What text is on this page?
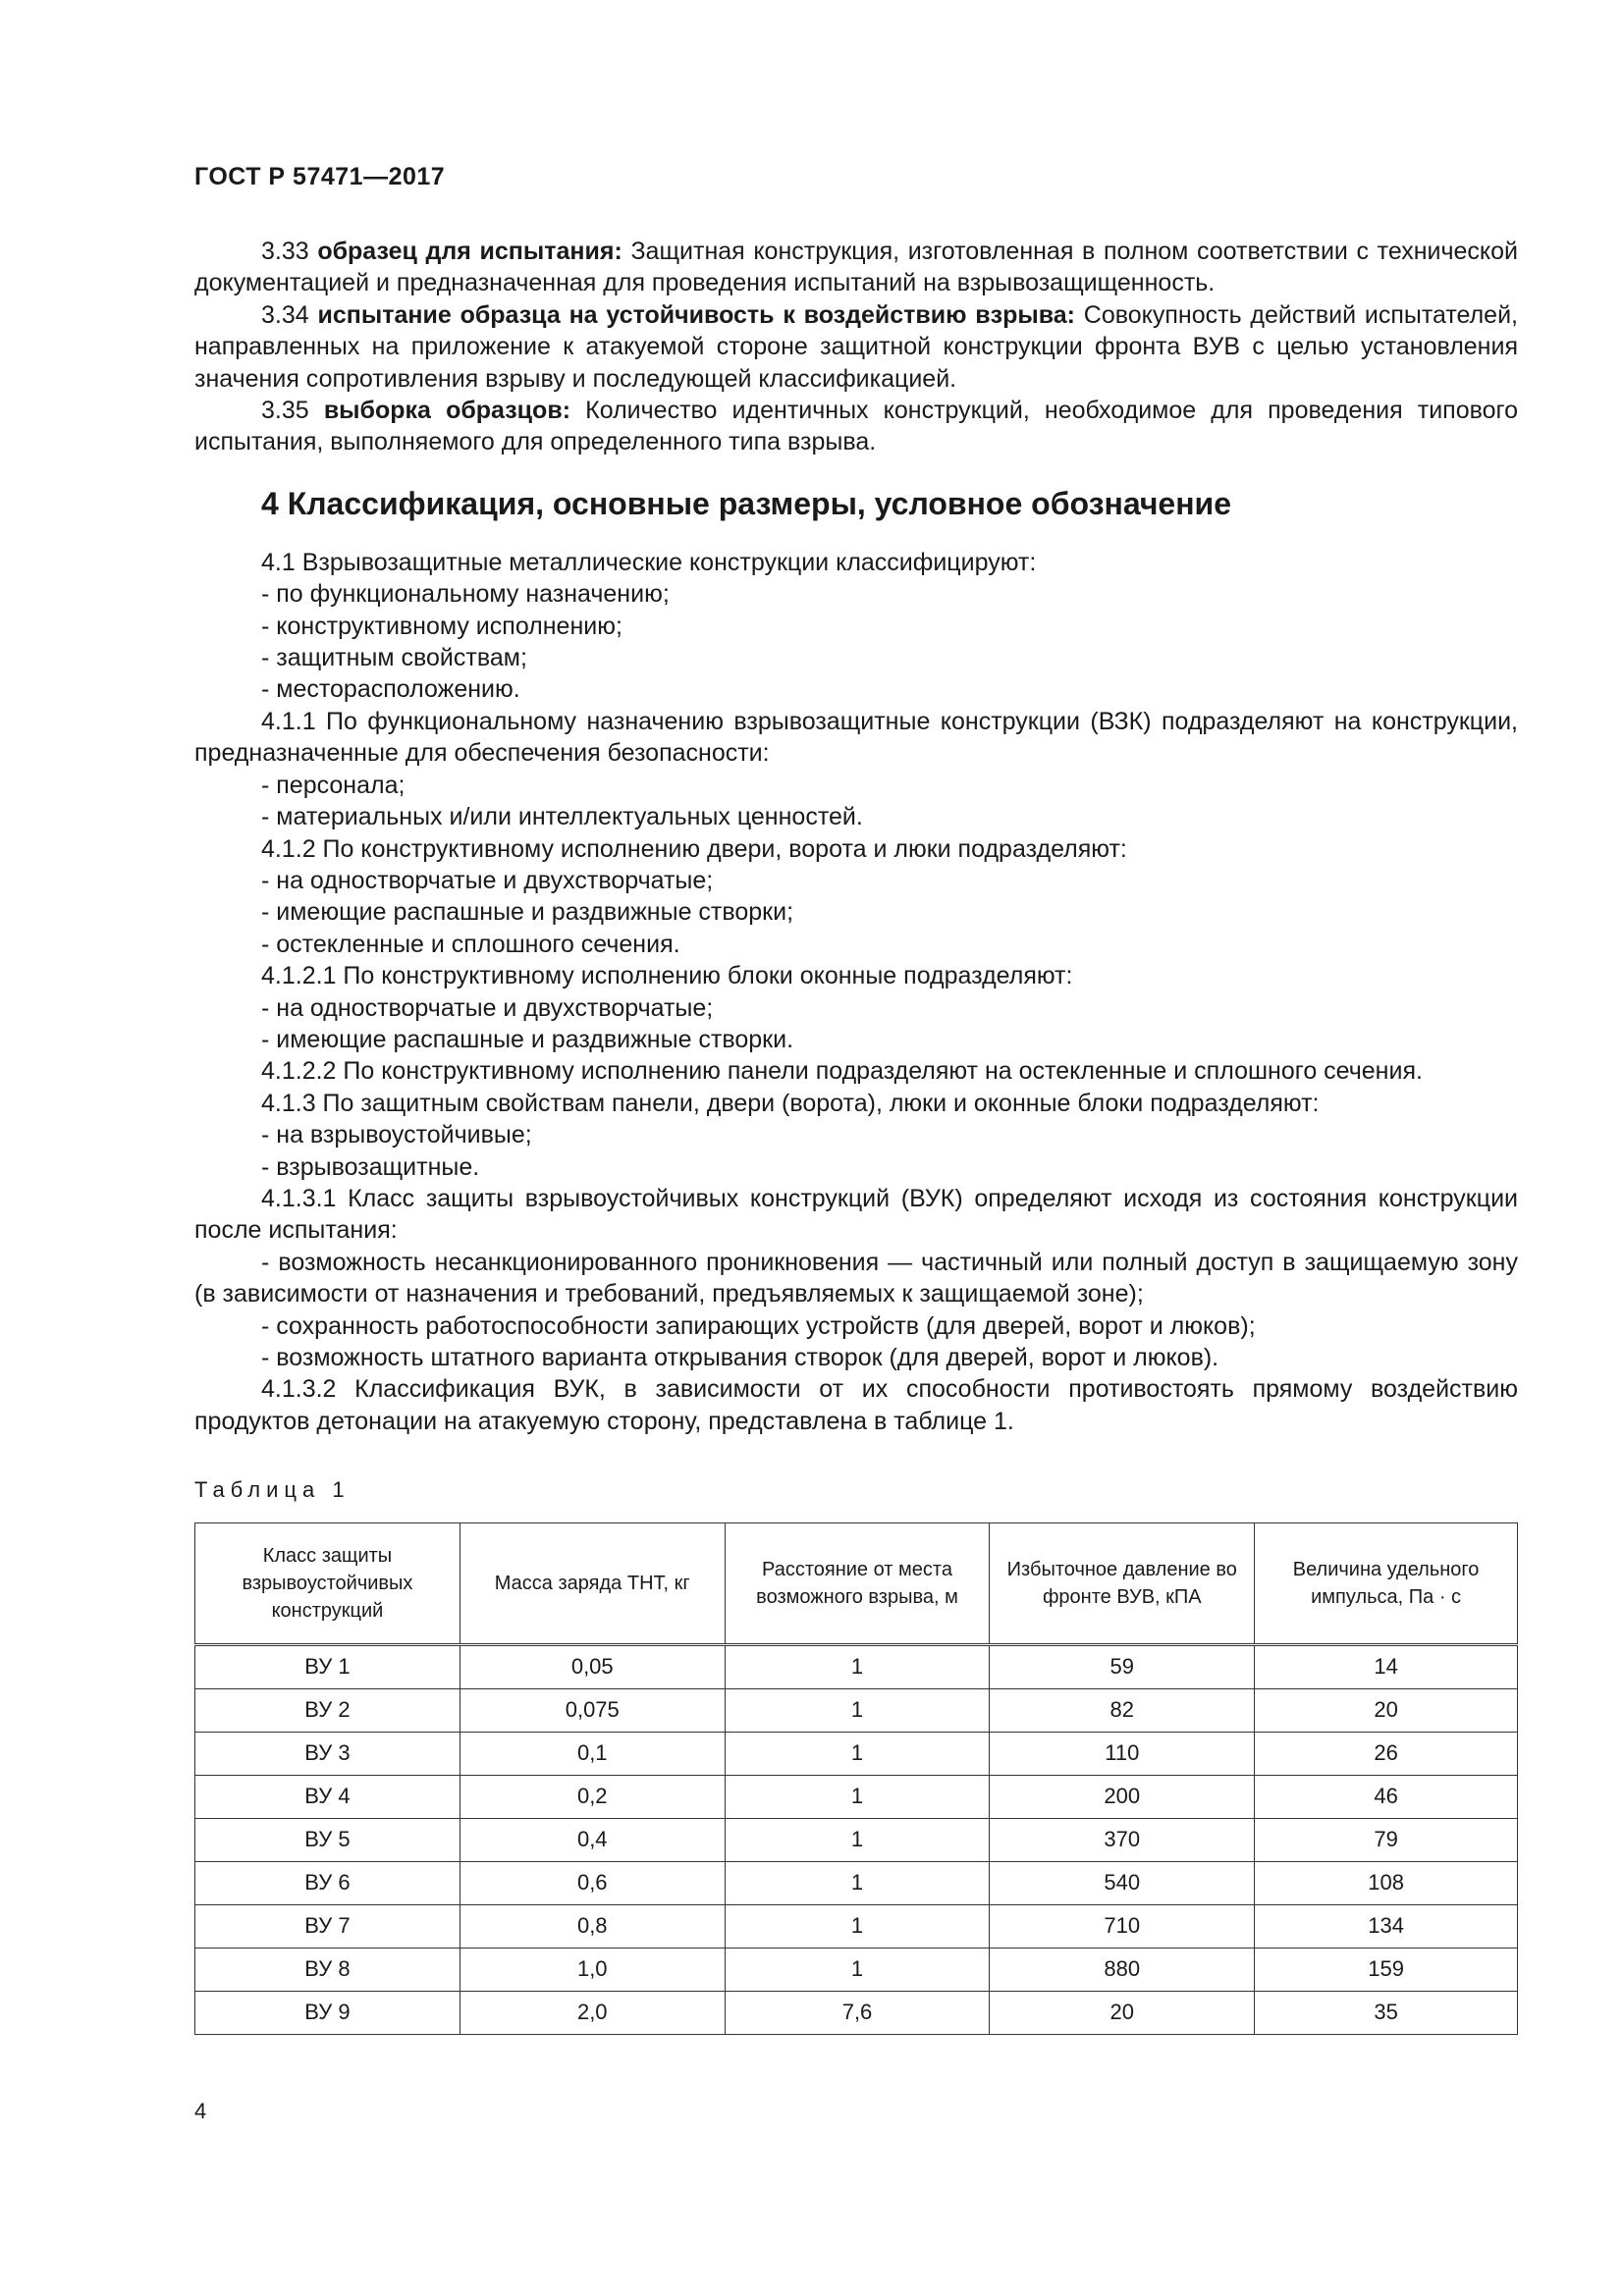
ГОСТ Р 57471—2017

3.33 образец для испытания: Защитная конструкция, изготовленная в полном соответствии с технической документацией и предназначенная для проведения испытаний на взрывозащищенность.

3.34 испытание образца на устойчивость к воздействию взрыва: Совокупность действий испытателей, направленных на приложение к атакуемой стороне защитной конструкции фронта ВУВ с целью установления значения сопротивления взрыву и последующей классификацией.

3.35 выборка образцов: Количество идентичных конструкций, необходимое для проведения типового испытания, выполняемого для определенного типа взрыва.

4 Классификация, основные размеры, условное обозначение

4.1 Взрывозащитные металлические конструкции классифицируют:

- по функциональному назначению;

- конструктивному исполнению;

- защитным свойствам;

- месторасположению.

4.1.1 По функциональному назначению взрывозащитные конструкции (ВЗК) подразделяют на конструкции, предназначенные для обеспечения безопасности:

- персонала;

- материальных и/или интеллектуальных ценностей.

4.1.2 По конструктивному исполнению двери, ворота и люки подразделяют:

- на одностворчатые и двухстворчатые;

- имеющие распашные и раздвижные створки;

- остекленные и сплошного сечения.

4.1.2.1 По конструктивному исполнению блоки оконные подразделяют:

- на одностворчатые и двухстворчатые;

- имеющие распашные и раздвижные створки.

4.1.2.2 По конструктивному исполнению панели подразделяют на остекленные и сплошного сечения.

4.1.3 По защитным свойствам панели, двери (ворота), люки и оконные блоки подразделяют:

- на взрывоустойчивые;

- взрывозащитные.

4.1.3.1 Класс защиты взрывоустойчивых конструкций (ВУК) определяют исходя из состояния конструкции после испытания:

- возможность несанкционированного проникновения — частичный или полный доступ в защищаемую зону (в зависимости от назначения и требований, предъявляемых к защищаемой зоне);

- сохранность работоспособности запирающих устройств (для дверей, ворот и люков);

- возможность штатного варианта открывания створок (для дверей, ворот и люков).

4.1.3.2 Классификация ВУК, в зависимости от их способности противостоять прямому воздействию продуктов детонации на атакуемую сторону, представлена в таблице 1.

Таблица 1
Класс защиты взрывоустойчивых конструкций	Масса заряда ТНТ, кг	Расстояние от места возможного взрыва, м	Избыточное давление во фронте ВУВ, кПА	Величина удельного импульса, Па · с
ВУ 1	0,05	1	59	14
ВУ 2	0,075	1	82	20
ВУ 3	0,1	1	110	26
ВУ 4	0,2	1	200	46
ВУ 5	0,4	1	370	79
ВУ 6	0,6	1	540	108
ВУ 7	0,8	1	710	134
ВУ 8	1,0	1	880	159
ВУ 9	2,0	7,6	20	35
4
